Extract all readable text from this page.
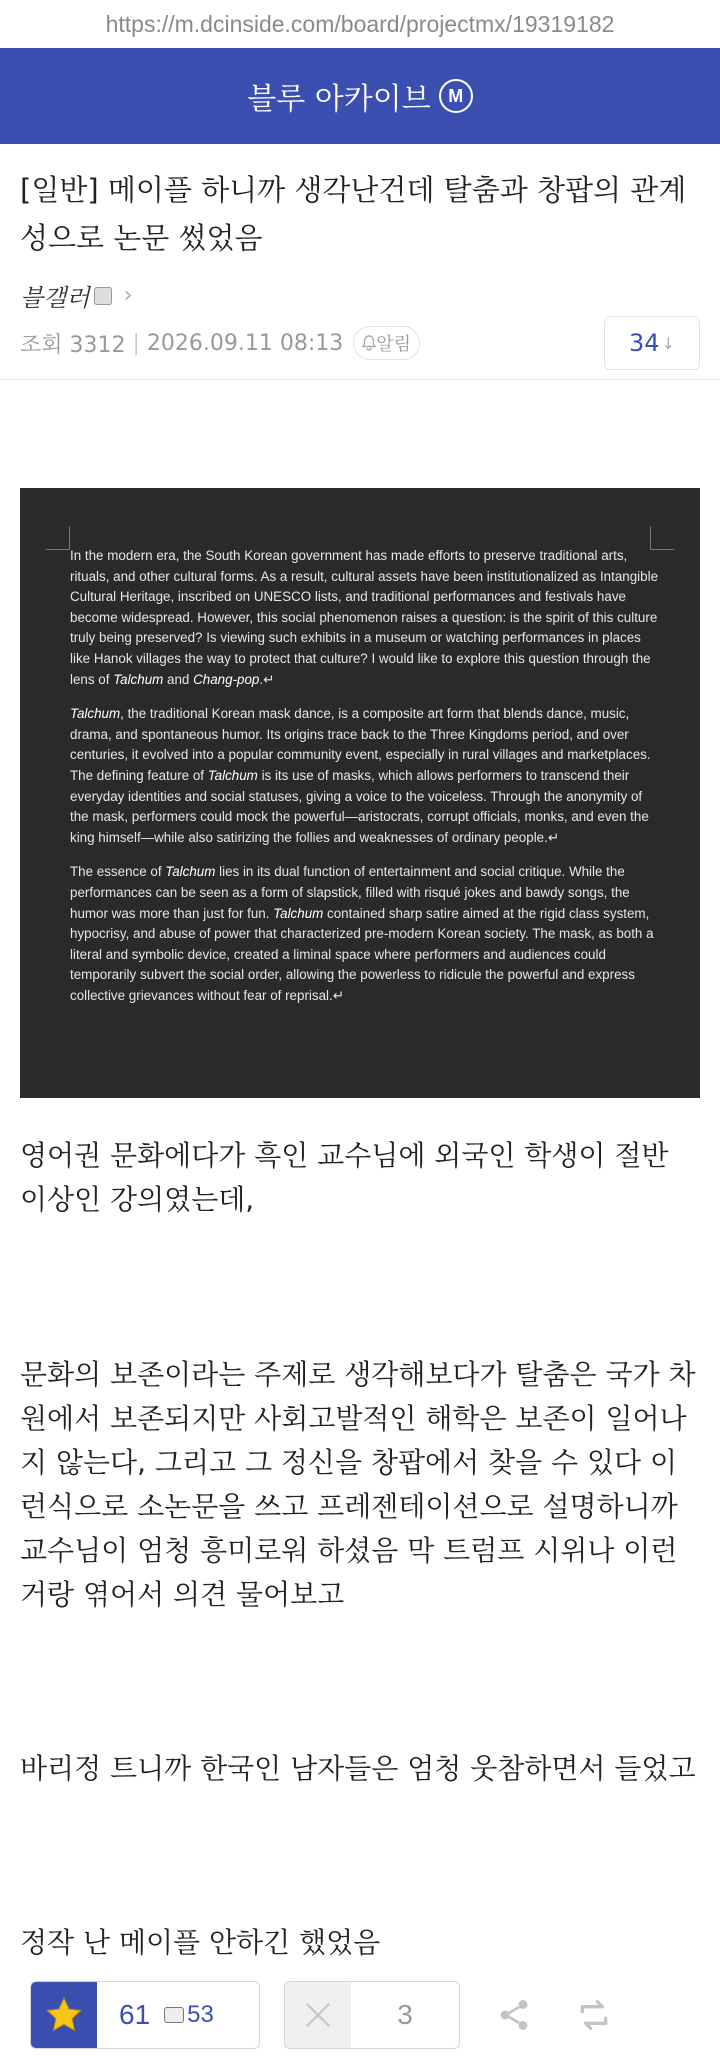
https://m.dcinside.com/board/projectmx/19319182
블루 아카이브 M
[일반] 메이플 하니까 생각난건데 탈춤과 창팝의 관계성으로 논문 썼었음
블갤러 ›
조회 3312 | 2026.09.11 08:13 알림	34 ↓

In the modern era, the South Korean government has made efforts to preserve traditional arts, rituals, and other cultural forms. As a result, cultural assets have been institutionalized as Intangible Cultural Heritage, inscribed on UNESCO lists, and traditional performances and festivals have become widespread. However, this social phenomenon raises a question: is the spirit of this culture truly being preserved? Is viewing such exhibits in a museum or watching performances in places like Hanok villages the way to protect that culture? I would like to explore this question through the lens of Talchum and Chang-pop.↵

Talchum, the traditional Korean mask dance, is a composite art form that blends dance, music, drama, and spontaneous humor. Its origins trace back to the Three Kingdoms period, and over centuries, it evolved into a popular community event, especially in rural villages and marketplaces. The defining feature of Talchum is its use of masks, which allows performers to transcend their everyday identities and social statuses, giving a voice to the voiceless. Through the anonymity of the mask, performers could mock the powerful—aristocrats, corrupt officials, monks, and even the king himself—while also satirizing the follies and weaknesses of ordinary people.↵

The essence of Talchum lies in its dual function of entertainment and social critique. While the performances can be seen as a form of slapstick, filled with risqué jokes and bawdy songs, the humor was more than just for fun. Talchum contained sharp satire aimed at the rigid class system, hypocrisy, and abuse of power that characterized pre-modern Korean society. The mask, as both a literal and symbolic device, created a liminal space where performers and audiences could temporarily subvert the social order, allowing the powerless to ridicule the powerful and express collective grievances without fear of reprisal.↵

영어권 문화에다가 흑인 교수님에 외국인 학생이 절반 이상인 강의였는데,

문화의 보존이라는 주제로 생각해보다가 탈춤은 국가 차원에서 보존되지만 사회고발적인 해학은 보존이 일어나지 않는다, 그리고 그 정신을 창팝에서 찾을 수 있다 이런식으로 소논문을 쓰고 프레젠테이션으로 설명하니까 교수님이 엄청 흥미로워 하셨음 막 트럼프 시위나 이런거랑 엮어서 의견 물어보고

바리정 트니까 한국인 남자들은 엄청 웃참하면서 들었고

정작 난 메이플 안하긴 했었음

61 53	3
